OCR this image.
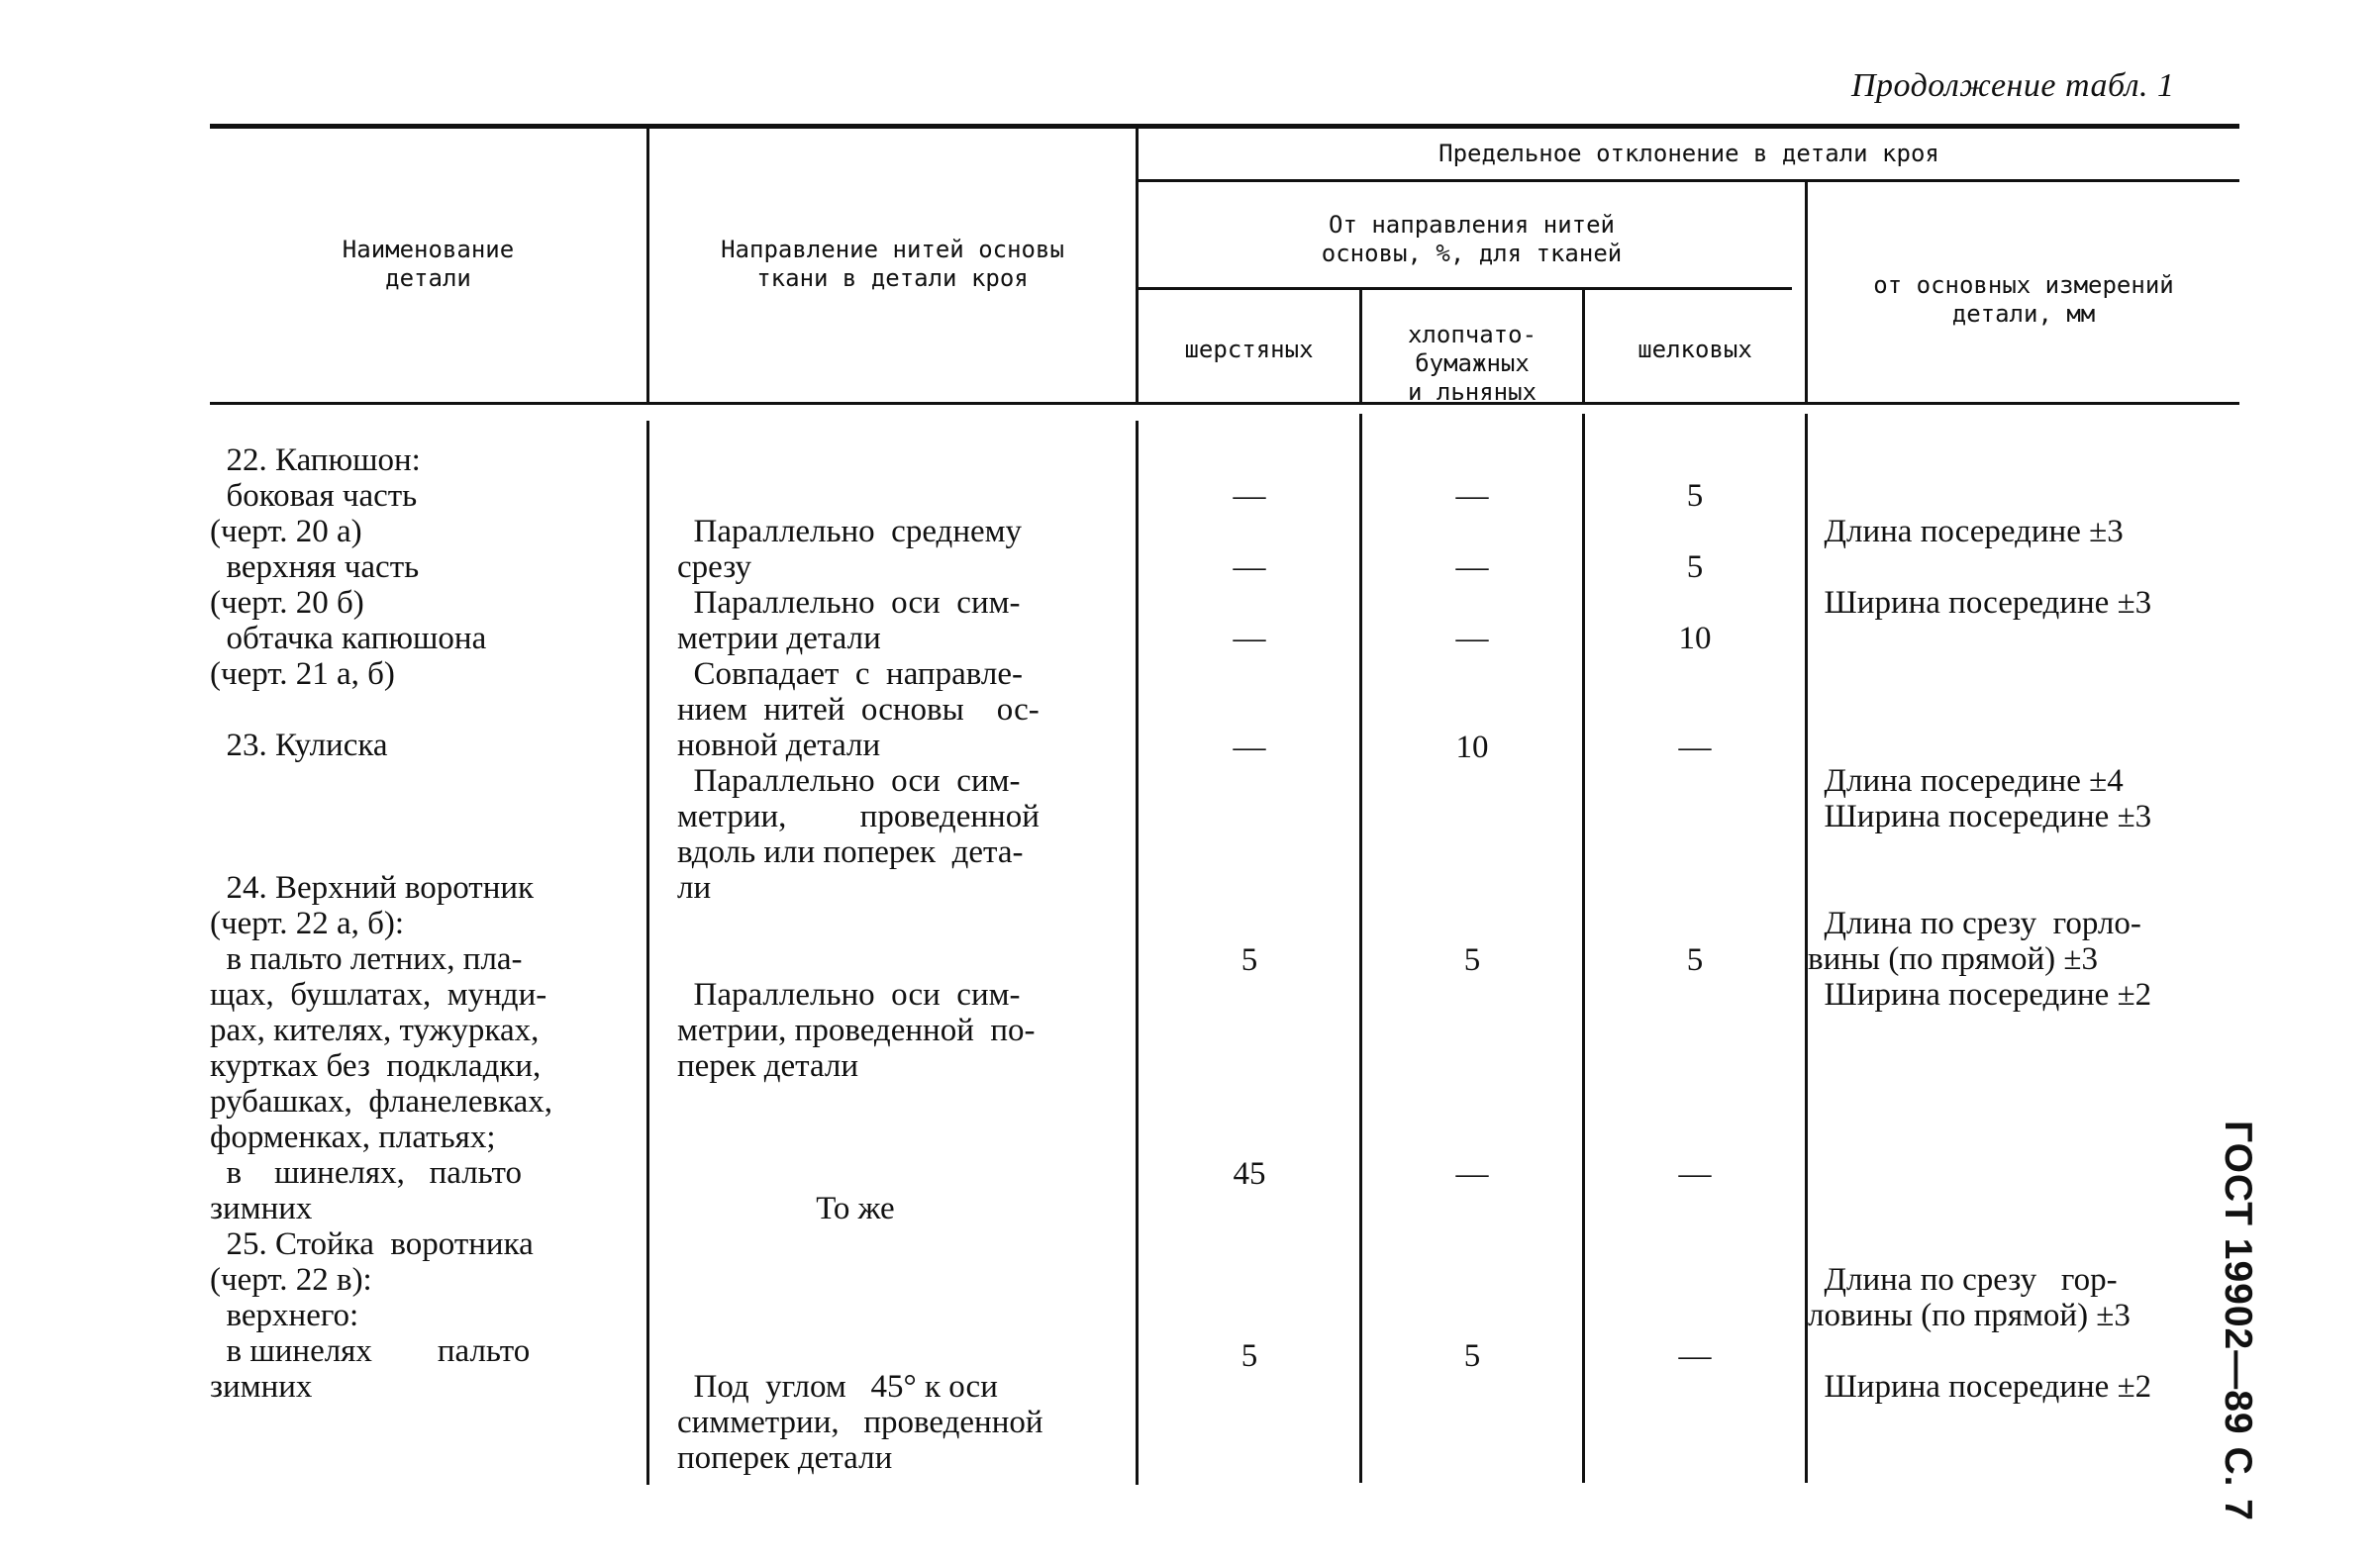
Продолжение табл. 1
Наименование
детали
Направление нитей основы
ткани в детали кроя
Предельное отклонение в детали кроя
От направления нитей
основы, %, для тканей
шерстяных
хлопчато-
бумажных
и льняных
шелковых
от основных измерений
детали, мм
22. Капюшон:
боковая часть
(черт. 20 а)
верхняя часть
(черт. 20 б)
обтачка капюшона
(черт. 21 а, б)
23. Кулиска
24. Верхний воротник
(черт. 22 а, б):
в пальто летних, пла-
щах,  бушлатах,  мунди-
рах, кителях, тужурках,
куртках без  подкладки,
рубашках,  фланелевках,
форменках, платьях;
в    шинелях,   пальто
зимних
25. Стойка  воротника
(черт. 22 в):
верхнего:
в шинелях        пальто
зимних
Параллельно  среднему
срезу
Параллельно  оси  сим-
метрии детали
Совпадает  с  направле-
нием  нитей  основы    ос-
новной детали
Параллельно  оси  сим-
метрии,         проведенной
вдоль или поперек  дета-
ли
Параллельно  оси  сим-
метрии, проведенной  по-
перек детали
То же
Под  углом   45° к оси
симметрии,   проведенной
поперек детали
Длина посередине ±3
Ширина посередине ±3
Длина посередине ±4
Ширина посередине ±3
Длина по срезу  горло-
вины (по прямой) ±3
Ширина посередине ±2
Длина по срезу   гор-
ловины (по прямой) ±3
Ширина посередине ±2
—
—
—
—
5
45
5
—
—
—
10
5
—
5
5
5
10
—
5
—
—	ГОСТ 19902—89 С. 7
